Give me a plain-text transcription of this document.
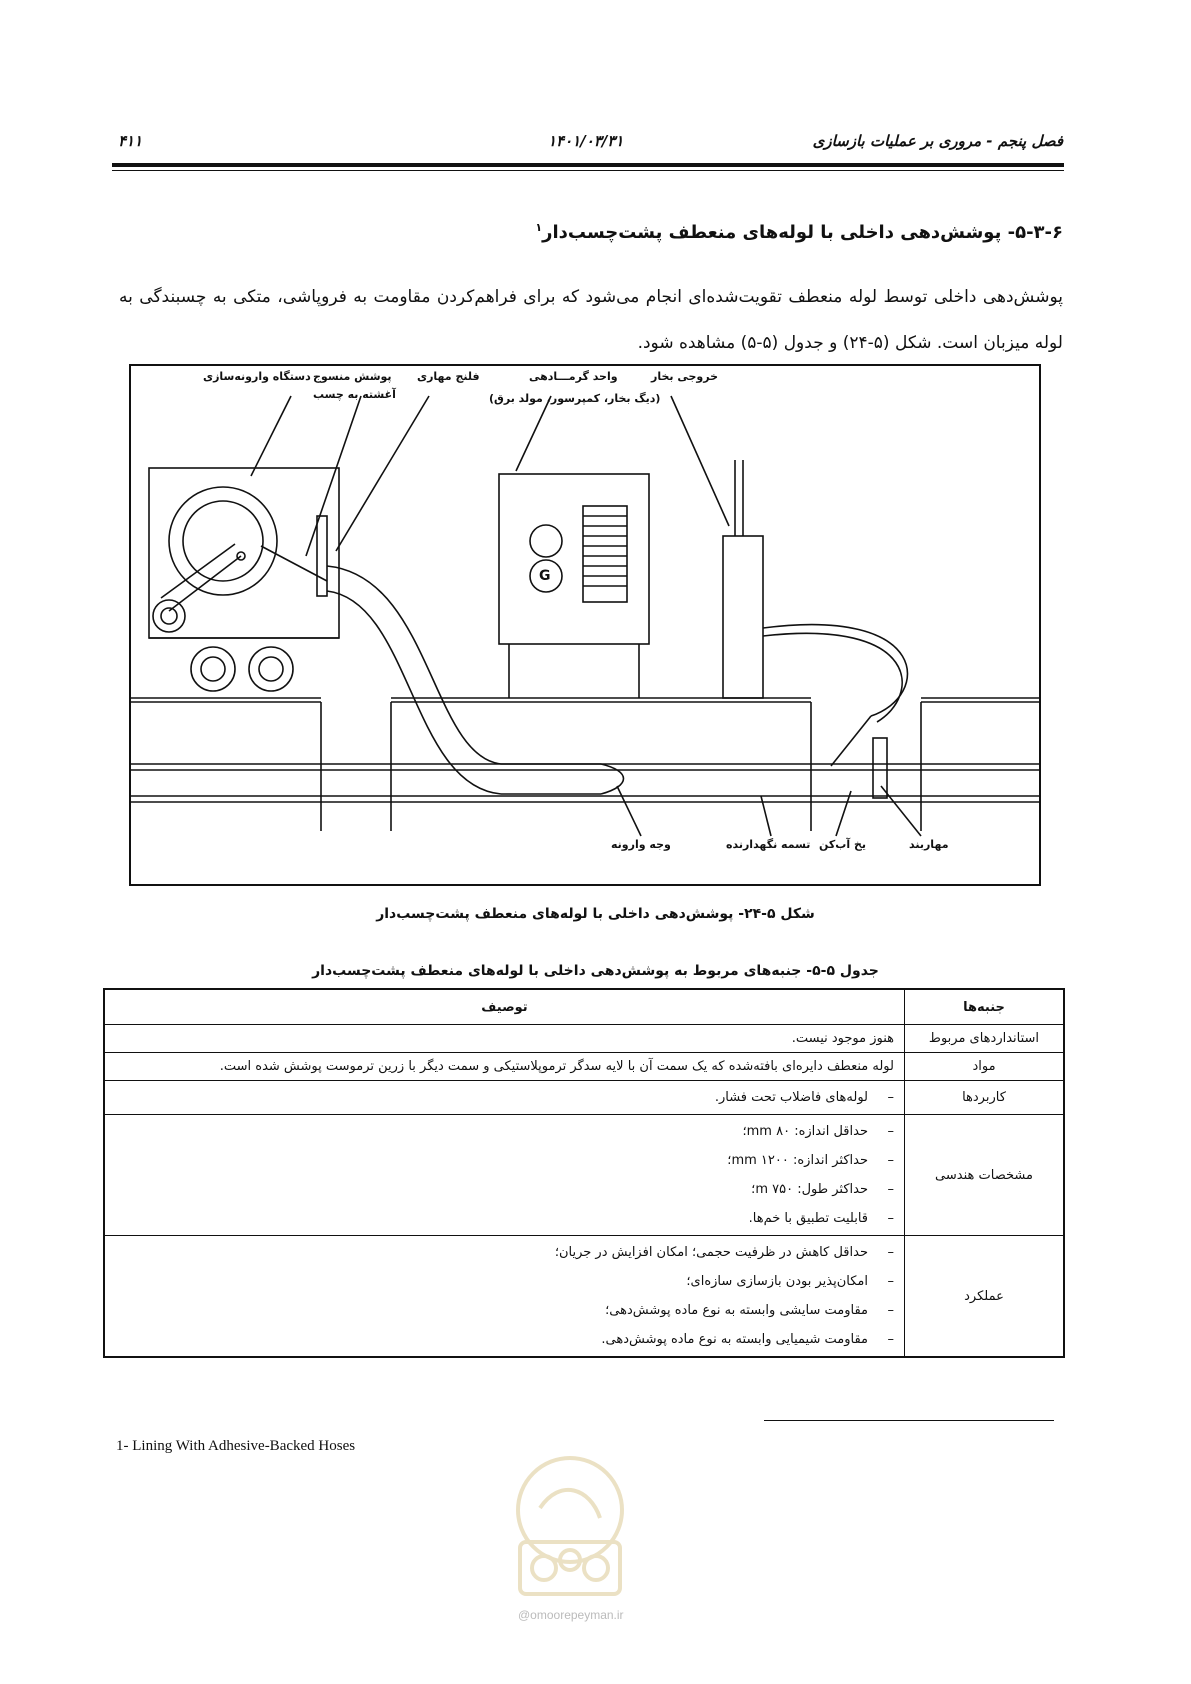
فصل پنجم - مروری بر عملیات بازسازی
۱۴۰۱/۰۳/۳۱
۴۱۱
۵-۳-۶- پوشش‌دهی داخلی با لوله‌های منعطف پشت‌چسب‌دار$^۱$
پوشش‌دهی داخلی توسط لوله منعطف تقویت‌شده‌ای انجام می‌شود که برای فراهم‌کردن مقاومت به فروپاشی، متکی به چسبندگی به لوله میزبان است. شکل (۵-۲۴) و جدول (۵-۵) مشاهده شود.
دستگاه وارونه‌سازی پوشش منسوج
آغشته به چسب
فلنج مهاری	واحد گرمـــادهی
(دیگ بخار، کمپرسور، مولد برق)
خروجی بخار
G
وجه وارونه	تسمه نگهدارنده یخ آب‌کن	مهاربند
شکل ۵-۲۴- پوشش‌دهی داخلی با لوله‌های منعطف پشت‌چسب‌دار
جدول ۵-۵- جنبه‌های مربوط به پوشش‌دهی داخلی با لوله‌های منعطف پشت‌چسب‌دار
جنبه‌ها	توصیف
استانداردهای مربوط	هنوز موجود نیست.
مواد	لوله منعطف دایره‌ای بافته‌شده که یک سمت آن با لایه سدگر ترموپلاستیکی و سمت دیگر با زرین ترموست پوشش شده است.
کاربردها	–لوله‌های فاضلاب تحت فشار.

مشخصات هندسی	–حداقل اندازه: ۸۰ mm؛
–حداکثر اندازه: ۱۲۰۰ mm؛
–حداکثر طول: ۷۵۰ m؛
–قابلیت تطبیق با خم‌ها.

عملکرد	–حداقل کاهش در ظرفیت حجمی؛ امکان افزایش در جریان؛
–امکان‌پذیر بودن بازسازی سازه‌ای؛
–مقاومت سایشی وابسته به نوع ماده پوشش‌دهی؛
–مقاومت شیمیایی وابسته به نوع ماده پوشش‌دهی.
1- Lining With Adhesive-Backed Hoses
@omoorepeyman.ir
